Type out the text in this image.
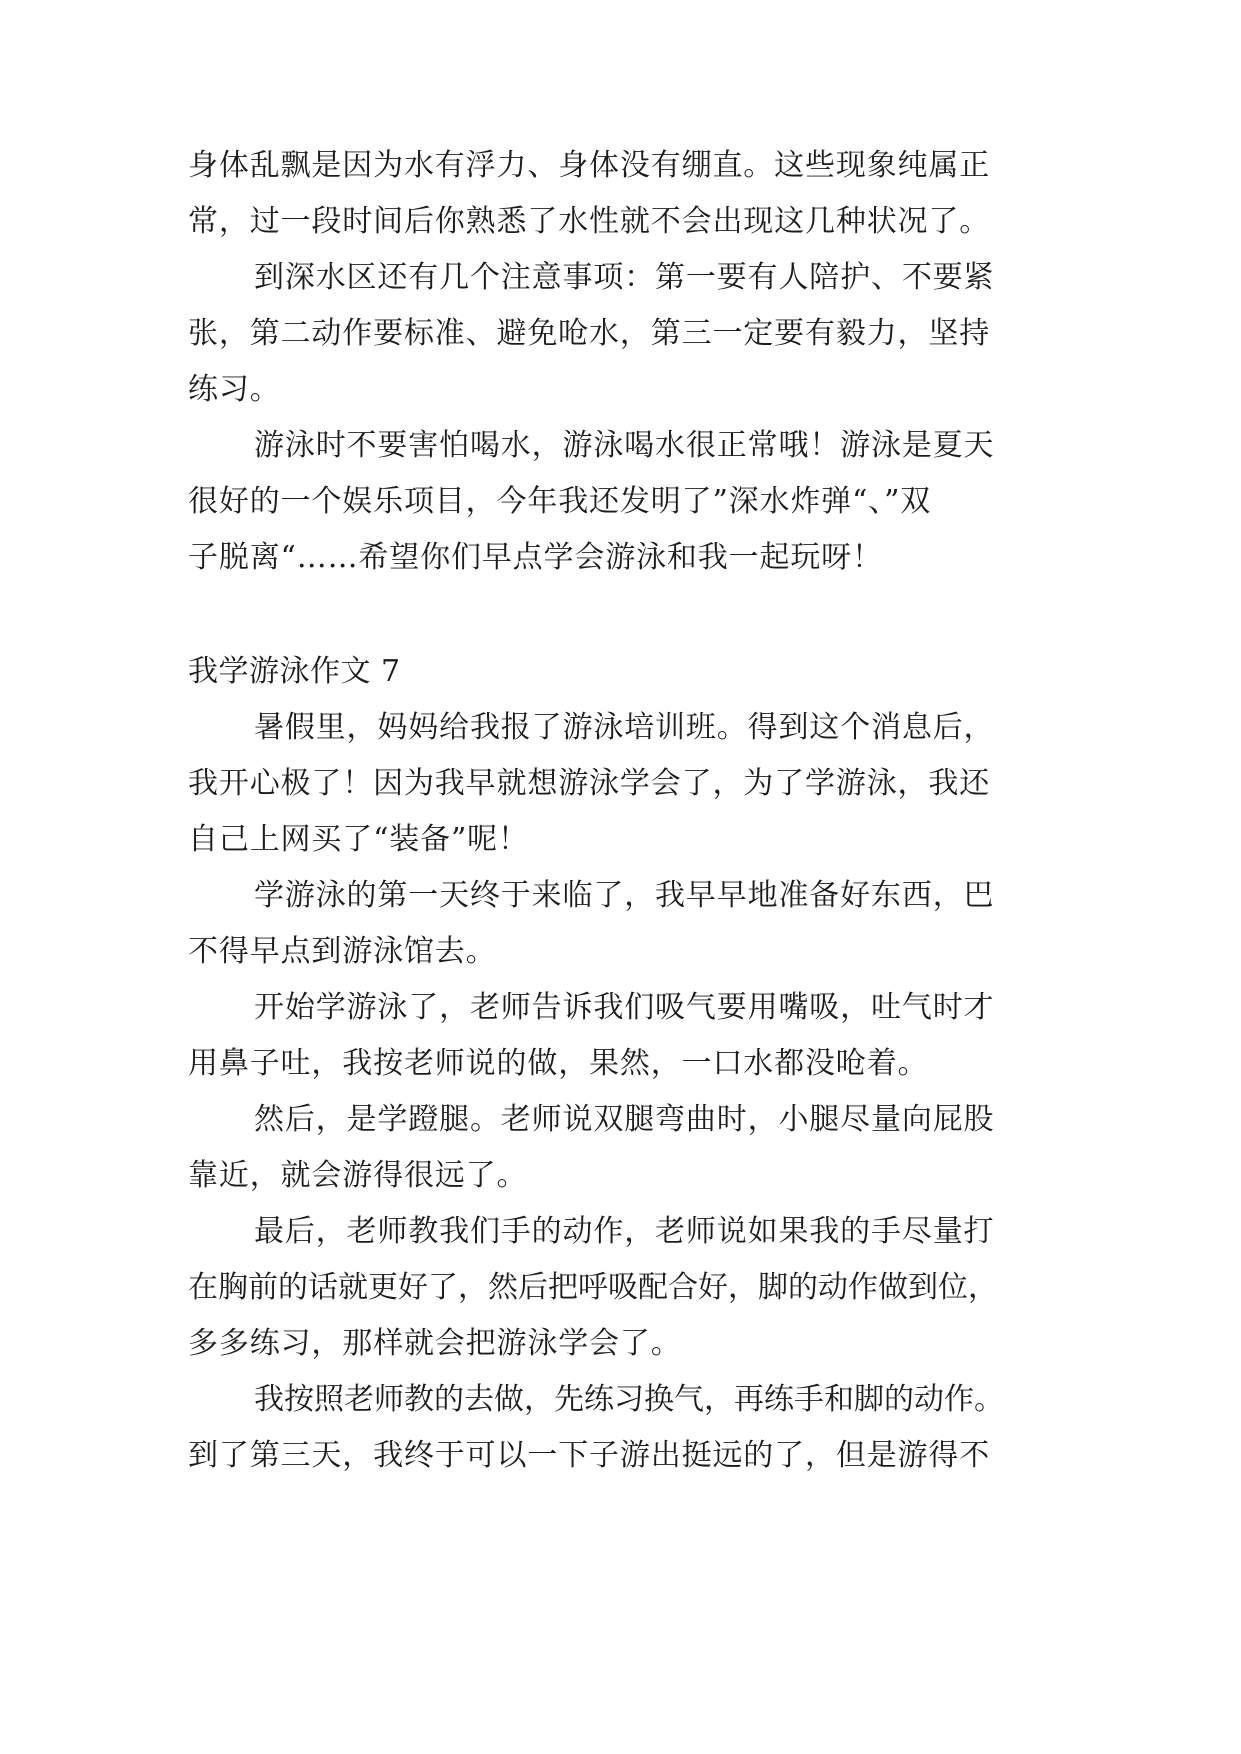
身体乱飘是因为水有浮力、身体没有绷直。这些现象纯属正
常，过一段时间后你熟悉了水性就不会出现这几种状况了。
到深水区还有几个注意事项：第一要有人陪护、不要紧
张，第二动作要标准、避免呛水，第三一定要有毅力，坚持
练习。
游泳时不要害怕喝水，游泳喝水很正常哦！游泳是夏天
很好的一个娱乐项目，今年我还发明了”深水炸弹“、”双
子脱离“……希望你们早点学会游泳和我一起玩呀！
我学游泳作文 7
暑假里，妈妈给我报了游泳培训班。得到这个消息后，
我开心极了！因为我早就想游泳学会了，为了学游泳，我还
自己上网买了“装备”呢！
学游泳的第一天终于来临了，我早早地准备好东西，巴
不得早点到游泳馆去。
开始学游泳了，老师告诉我们吸气要用嘴吸，吐气时才
用鼻子吐，我按老师说的做，果然，一口水都没呛着。
然后，是学蹬腿。老师说双腿弯曲时，小腿尽量向屁股
靠近，就会游得很远了。
最后，老师教我们手的动作，老师说如果我的手尽量打
在胸前的话就更好了，然后把呼吸配合好，脚的动作做到位，
多多练习，那样就会把游泳学会了。
我按照老师教的去做，先练习换气，再练手和脚的动作。
到了第三天，我终于可以一下子游出挺远的了，但是游得不
